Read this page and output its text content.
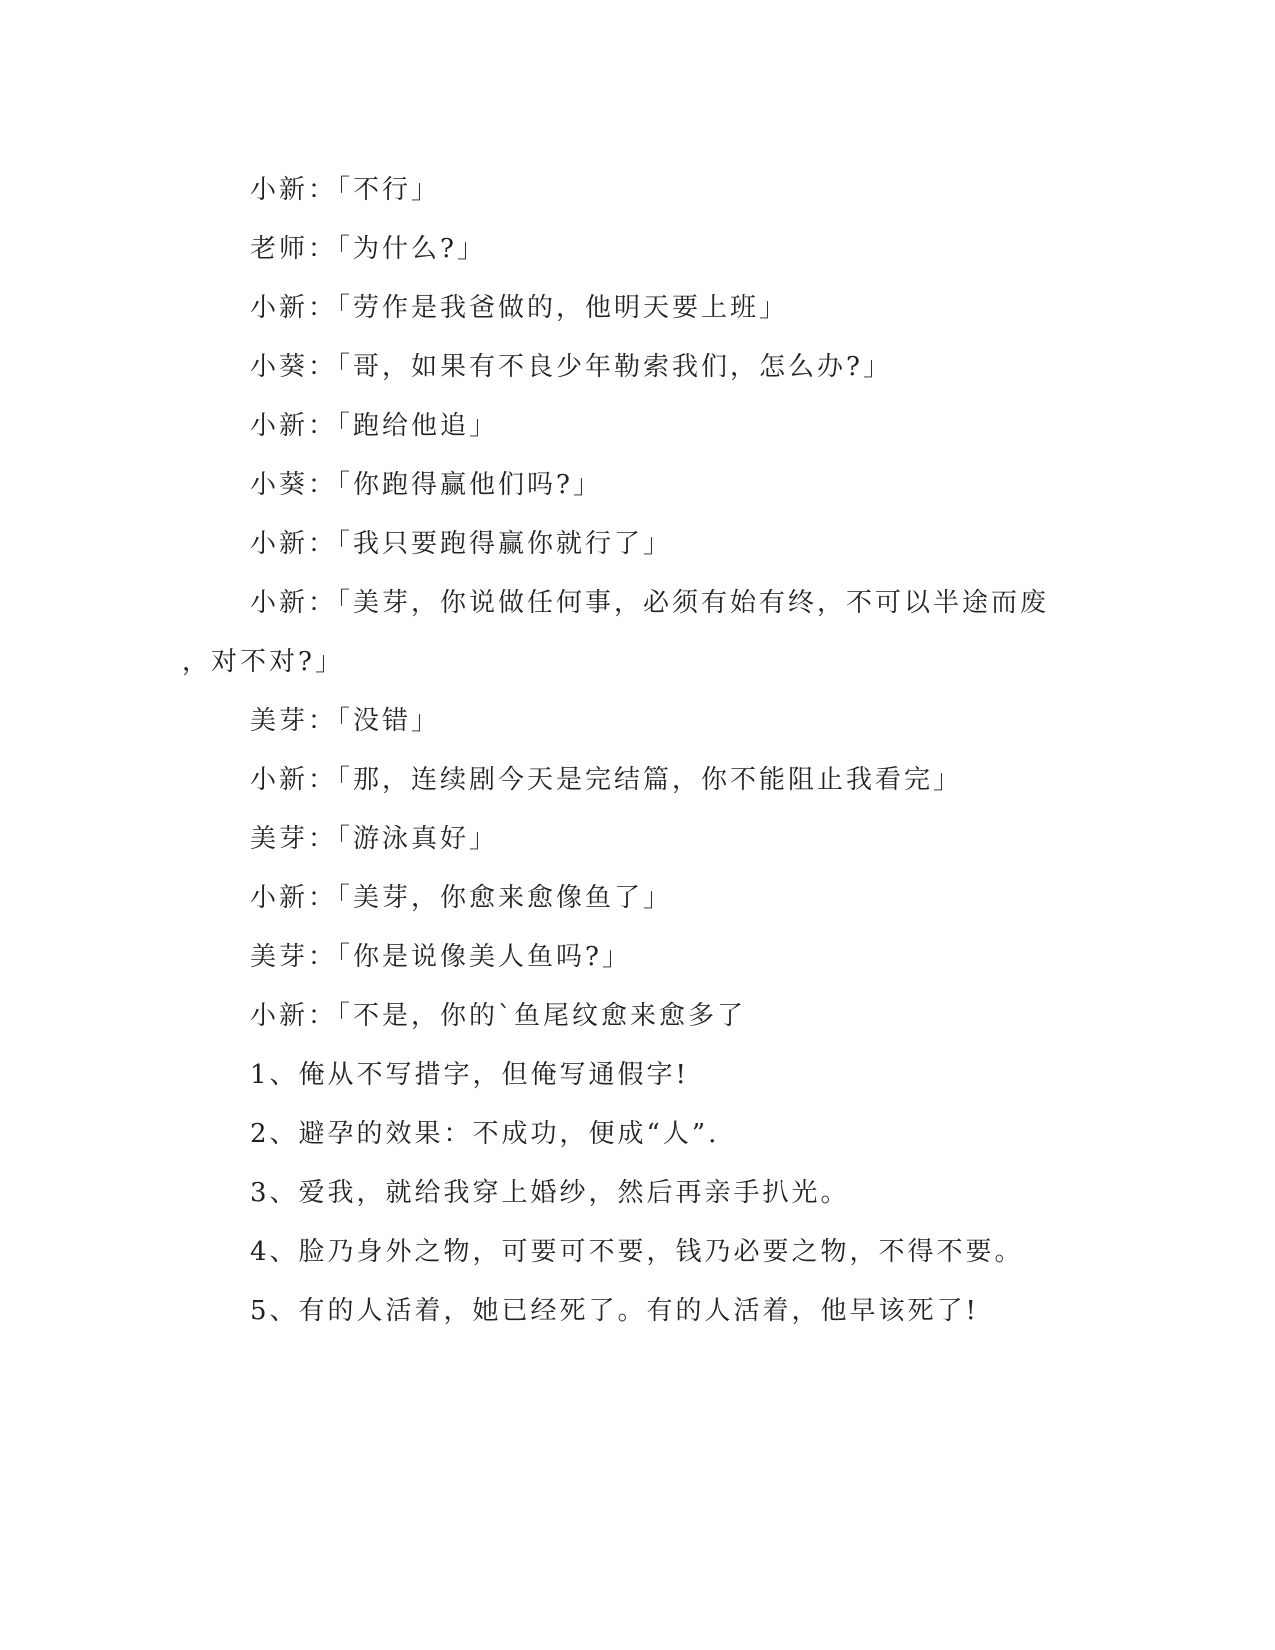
小新：「不行」
老师：「为什么?」
小新：「劳作是我爸做的，他明天要上班」
小葵：「哥，如果有不良少年勒索我们，怎么办?」
小新：「跑给他追」
小葵：「你跑得赢他们吗?」
小新：「我只要跑得赢你就行了」
小新：「美芽，你说做任何事，必须有始有终，不可以半途而废
，对不对?」
美芽：「没错」
小新：「那，连续剧今天是完结篇，你不能阻止我看完」
美芽：「游泳真好」
小新：「美芽，你愈来愈像鱼了」
美芽：「你是说像美人鱼吗?」
小新：「不是，你的`鱼尾纹愈来愈多了
1、俺从不写措字，但俺写通假字!
2、避孕的效果：不成功，便成“人”.
3、爱我，就给我穿上婚纱，然后再亲手扒光。
4、脸乃身外之物，可要可不要，钱乃必要之物，不得不要。
5、有的人活着，她已经死了。有的人活着，他早该死了!
